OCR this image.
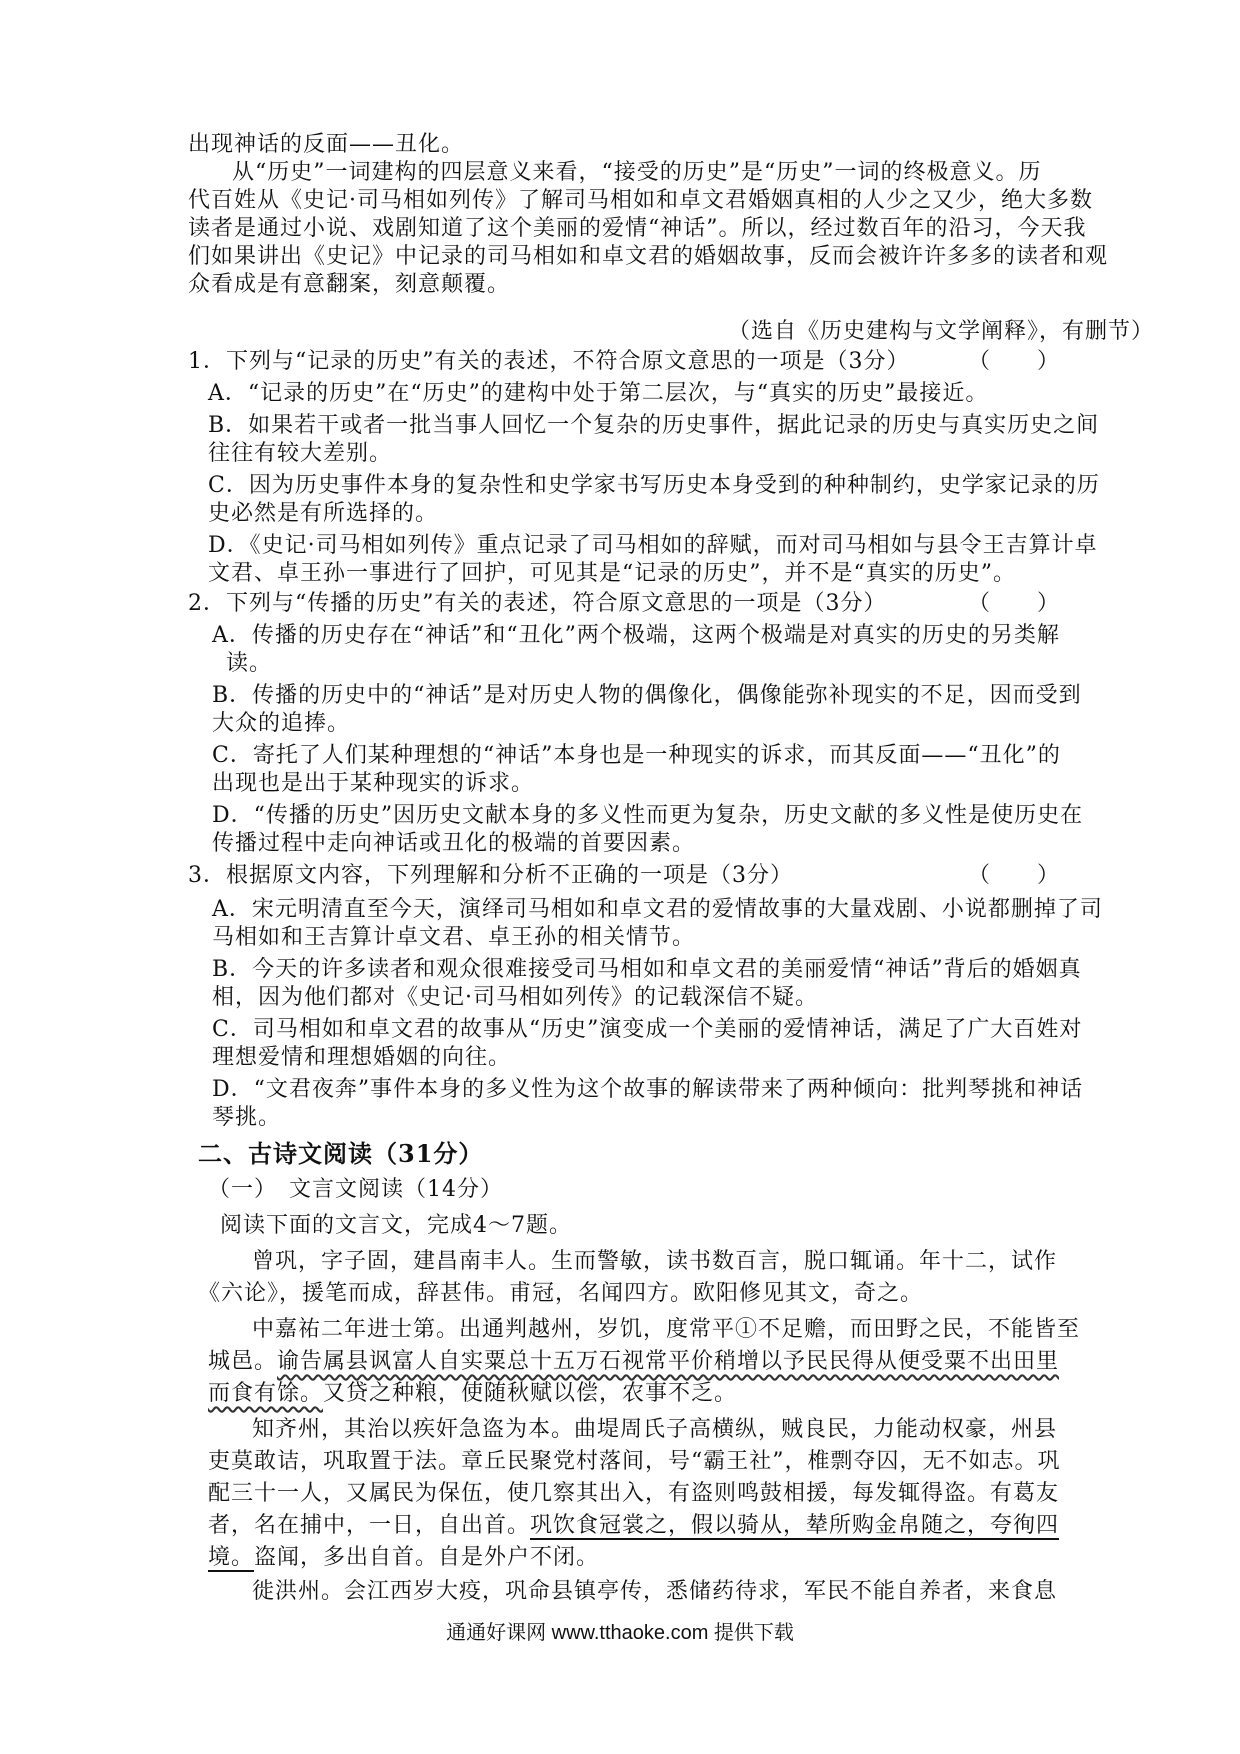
出现神话的反面——丑化。
从“历史”一词建构的四层意义来看，“接受的历史”是“历史”一词的终极意义。历
代百姓从《史记·司马相如列传》了解司马相如和卓文君婚姻真相的人少之又少，绝大多数
读者是通过小说、戏剧知道了这个美丽的爱情“神话”。所以，经过数百年的沿习，今天我
们如果讲出《史记》中记录的司马相如和卓文君的婚姻故事，反而会被许许多多的读者和观
众看成是有意翻案，刻意颠覆。
（选自《历史建构与文学阐释》，有删节）
1．下列与“记录的历史”有关的表述，不符合原文意思的一项是（3分）	（　　）
A．“记录的历史”在“历史”的建构中处于第二层次，与“真实的历史”最接近。
B．如果若干或者一批当事人回忆一个复杂的历史事件，据此记录的历史与真实历史之间
往往有较大差别。
C．因为历史事件本身的复杂性和史学家书写历史本身受到的种种制约，史学家记录的历
史必然是有所选择的。
D．《史记·司马相如列传》重点记录了司马相如的辞赋，而对司马相如与县令王吉算计卓
文君、卓王孙一事进行了回护，可见其是“记录的历史”，并不是“真实的历史”。
2．下列与“传播的历史”有关的表述，符合原文意思的一项是（3分）	（　　）
A．传播的历史存在“神话”和“丑化”两个极端，这两个极端是对真实的历史的另类解
读。
B．传播的历史中的“神话”是对历史人物的偶像化，偶像能弥补现实的不足，因而受到
大众的追捧。
C．寄托了人们某种理想的“神话”本身也是一种现实的诉求，而其反面——“丑化”的
出现也是出于某种现实的诉求。
D．“传播的历史”因历史文献本身的多义性而更为复杂，历史文献的多义性是使历史在
传播过程中走向神话或丑化的极端的首要因素。
3．根据原文内容，下列理解和分析不正确的一项是（3分）	（　　）
A．宋元明清直至今天，演绎司马相如和卓文君的爱情故事的大量戏剧、小说都删掉了司
马相如和王吉算计卓文君、卓王孙的相关情节。
B．今天的许多读者和观众很难接受司马相如和卓文君的美丽爱情“神话”背后的婚姻真
相，因为他们都对《史记·司马相如列传》的记载深信不疑。
C．司马相如和卓文君的故事从“历史”演变成一个美丽的爱情神话，满足了广大百姓对
理想爱情和理想婚姻的向往。
D．“文君夜奔”事件本身的多义性为这个故事的解读带来了两种倾向：批判琴挑和神话
琴挑。
二、古诗文阅读（31分）
（一）　文言文阅读（14分）
阅读下面的文言文，完成4～7题。
曾巩，字子固，建昌南丰人。生而警敏，读书数百言，脱口辄诵。年十二，试作
《六论》，援笔而成，辞甚伟。甫冠，名闻四方。欧阳修见其文，奇之。
中嘉祐二年进士第。出通判越州，岁饥，度常平①不足赡，而田野之民，不能皆至
城邑。谕告属县讽富人自实粟总十五万石视常平价稍增以予民民得从便受粟不出田里
而食有馀。又贷之种粮，使随秋赋以偿，农事不乏。
知齐州，其治以疾奸急盗为本。曲堤周氏子高横纵，贼良民，力能动权豪，州县
吏莫敢诘，巩取置于法。章丘民聚党村落间，号“霸王社”，椎剽夺囚，无不如志。巩
配三十一人，又属民为保伍，使几察其出入，有盗则鸣鼓相援，每发辄得盗。有葛友
者，名在捕中，一日，自出首。巩饮食冠裳之，假以骑从，辇所购金帛随之，夸徇四
境。盗闻，多出自首。自是外户不闭。
徙洪州。会江西岁大疫，巩命县镇亭传，悉储药待求，军民不能自养者，来食息
通通好课网 www.tthaoke.com 提供下载
